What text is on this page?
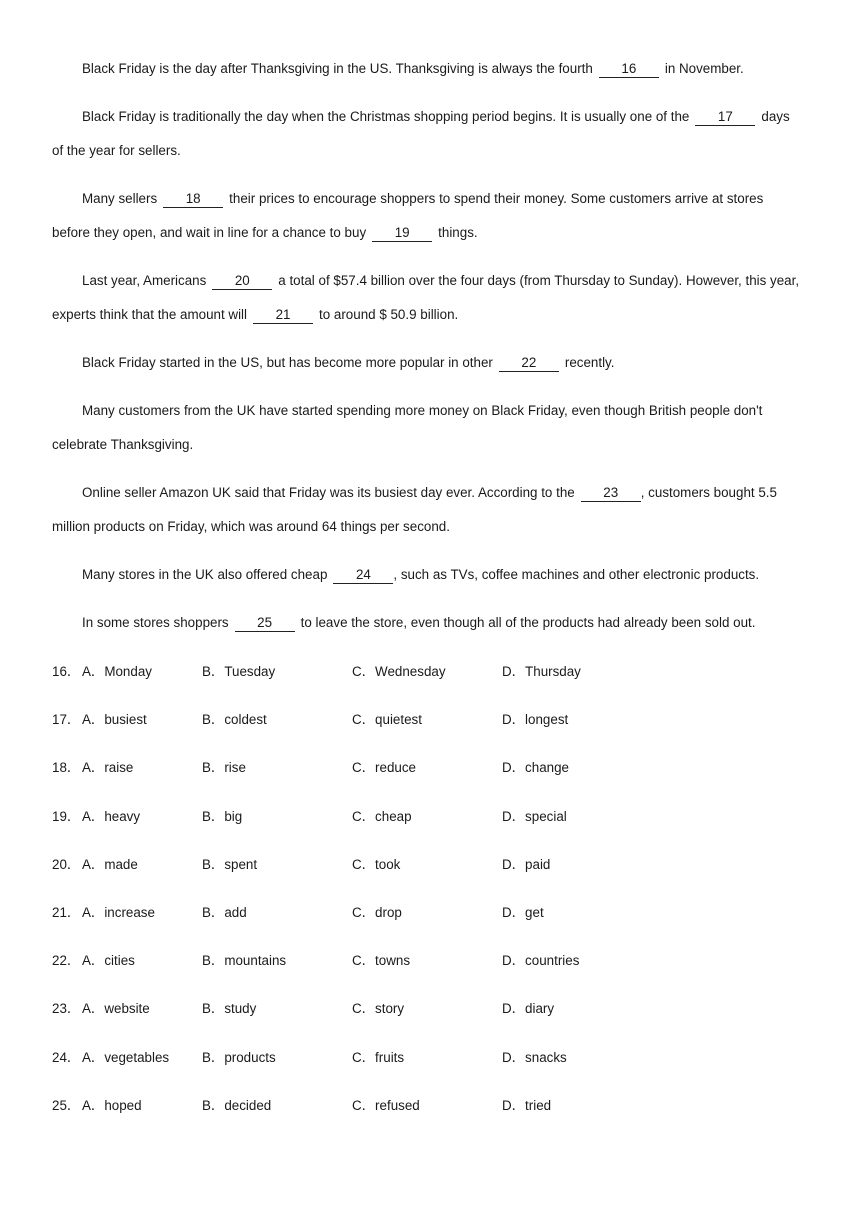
Black Friday is the day after Thanksgiving in the US. Thanksgiving is always the fourth 16 in November.

Black Friday is traditionally the day when the Christmas shopping period begins. It is usually one of the 17 days of the year for sellers.

Many sellers 18 their prices to encourage shoppers to spend their money. Some customers arrive at stores before they open, and wait in line for a chance to buy 19 things.

Last year, Americans 20 a total of $57.4 billion over the four days (from Thursday to Sunday). However, this year, experts think that the amount will 21 to around $ 50.9 billion.

Black Friday started in the US, but has become more popular in other 22 recently.

Many customers from the UK have started spending more money on Black Friday, even though British people don't celebrate Thanksgiving.

Online seller Amazon UK said that Friday was its busiest day ever. According to the 23 , customers bought 5.5 million products on Friday, which was around 64 things per second.

Many stores in the UK also offered cheap 24 , such as TVs, coffee machines and other electronic products.

In some stores shoppers 25 to leave the store, even though all of the products had already been sold out.

16． A．Monday	B．Tuesday	C．Wednesday	D．Thursday
17． A．busiest	B．coldest	C．quietest	D．longest
18． A．raise	B．rise	C．reduce	D．change
19． A．heavy	B．big	C．cheap	D．special
20． A．made	B．spent	C．took	D．paid
21． A．increase	B．add	C．drop	D．get
22． A．cities	B．mountains	C．towns	D．countries
23． A．website	B．study	C．story	D．diary
24． A．vegetables B．products	C．fruits	D．snacks
25． A．hoped	B．decided	C．refused	D．tried
